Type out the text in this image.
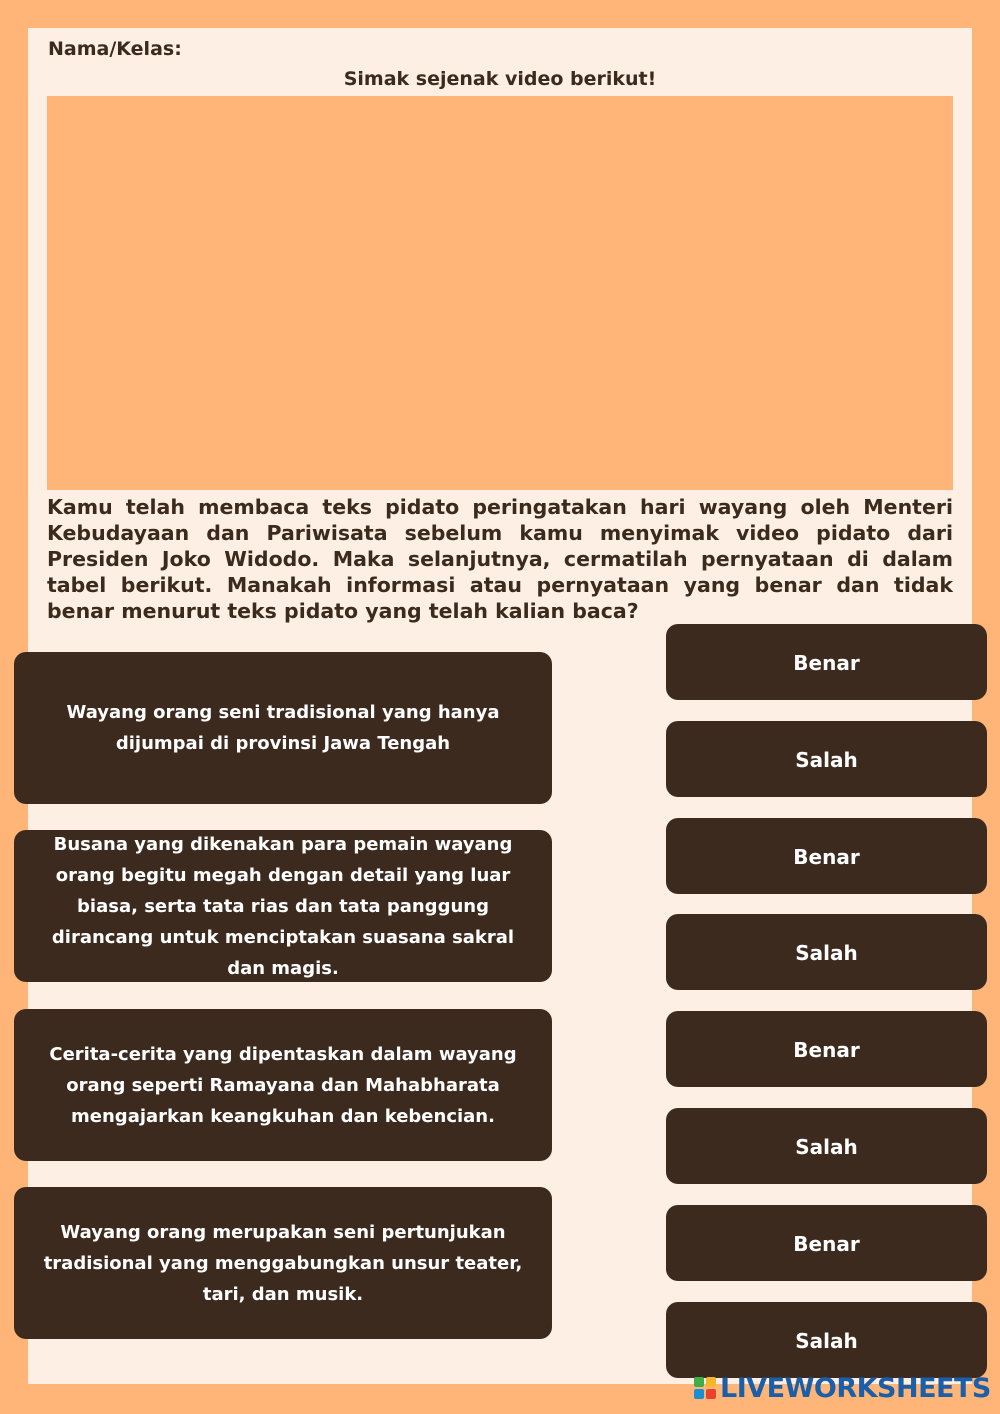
Nama/Kelas:
Simak sejenak video berikut!
Kamu telah membaca teks pidato peringatakan hari wayang oleh Menteri Kebudayaan dan Pariwisata sebelum kamu menyimak video pidato dari Presiden Joko Widodo. Maka selanjutnya, cermatilah pernyataan di dalam tabel berikut. Manakah informasi atau pernyataan yang benar dan tidak benar menurut teks pidato yang telah kalian baca?
Wayang orang seni tradisional yang hanya dijumpai di provinsi Jawa Tengah
Busana yang dikenakan para pemain wayang orang begitu megah dengan detail yang luar biasa, serta tata rias dan tata panggung dirancang untuk menciptakan suasana sakral dan magis.
Cerita-cerita yang dipentaskan dalam wayang orang seperti Ramayana dan Mahabharata mengajarkan keangkuhan dan kebencian.
Wayang orang merupakan seni pertunjukan tradisional yang menggabungkan unsur teater, tari, dan musik.
Benar
Salah
Benar
Salah
Benar
Salah
Benar
Salah
LIVEWORKSHEETS
